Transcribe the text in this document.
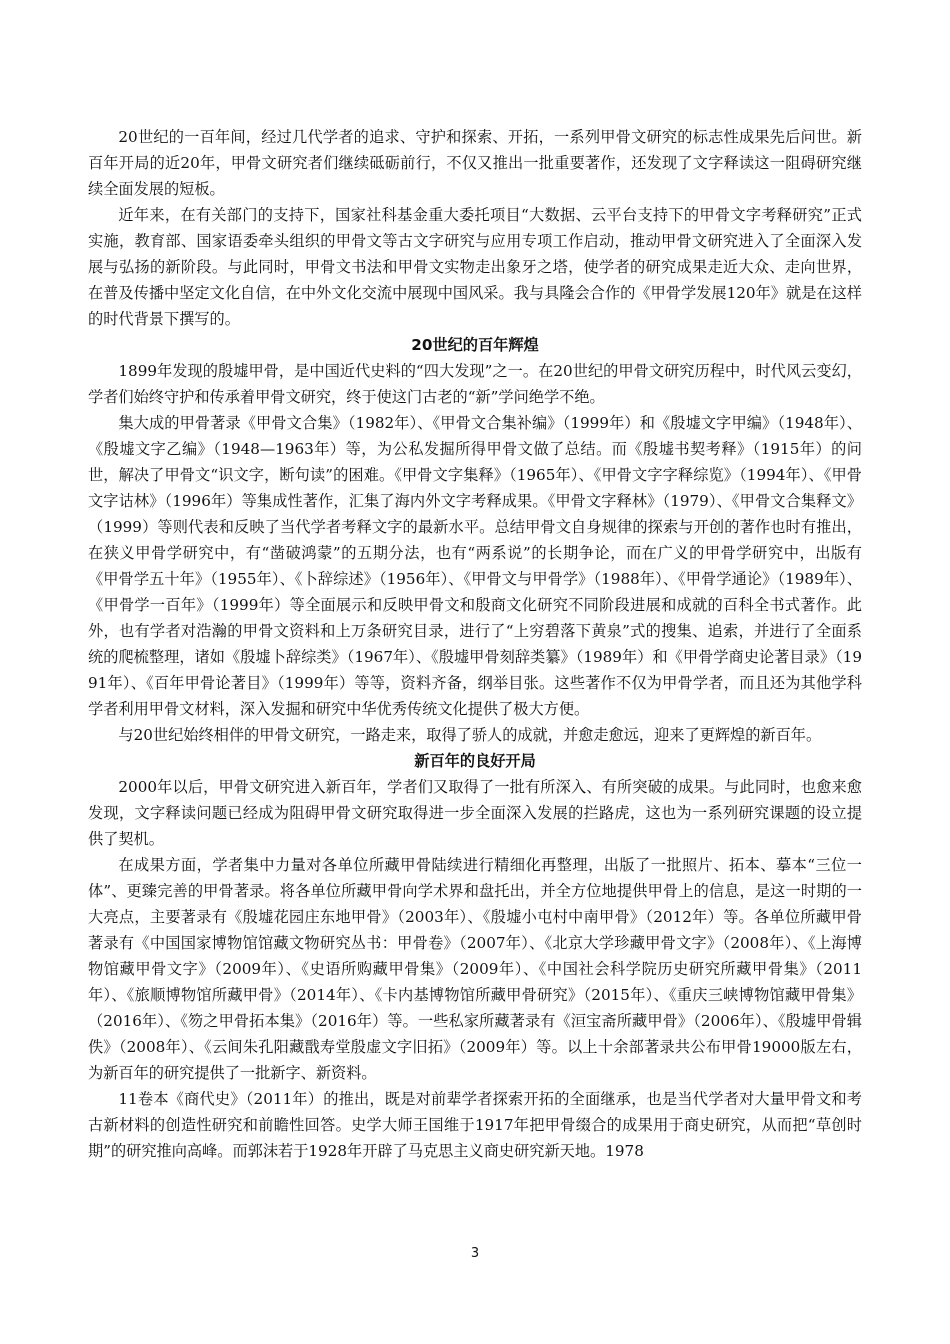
20世纪的一百年间，经过几代学者的追求、守护和探索、开拓，一系列甲骨文研究的标志性成果先后问世。新百年开局的近20年，甲骨文研究者们继续砥砺前行，不仅又推出一批重要著作，还发现了文字释读这一阻碍研究继续全面发展的短板。

近年来，在有关部门的支持下，国家社科基金重大委托项目“大数据、云平台支持下的甲骨文字考释研究”正式实施，教育部、国家语委牵头组织的甲骨文等古文字研究与应用专项工作启动，推动甲骨文研究进入了全面深入发展与弘扬的新阶段。与此同时，甲骨文书法和甲骨文实物走出象牙之塔，使学者的研究成果走近大众、走向世界，在普及传播中坚定文化自信，在中外文化交流中展现中国风采。我与具隆会合作的《甲骨学发展120年》就是在这样的时代背景下撰写的。

20世纪的百年辉煌

1899年发现的殷墟甲骨，是中国近代史料的“四大发现”之一。在20世纪的甲骨文研究历程中，时代风云变幻，学者们始终守护和传承着甲骨文研究，终于使这门古老的“新”学问绝学不绝。

集大成的甲骨著录《甲骨文合集》（1982年）、《甲骨文合集补编》（1999年）和《殷墟文字甲编》（1948年）、《殷墟文字乙编》（1948—1963年）等，为公私发掘所得甲骨文做了总结。而《殷墟书契考释》（1915年）的问世，解决了甲骨文“识文字，断句读”的困难。《甲骨文字集释》（1965年）、《甲骨文字字释综览》（1994年）、《甲骨文字诂林》（1996年）等集成性著作，汇集了海内外文字考释成果。《甲骨文字释林》（1979）、《甲骨文合集释文》（1999）等则代表和反映了当代学者考释文字的最新水平。总结甲骨文自身规律的探索与开创的著作也时有推出，在狭义甲骨学研究中，有“凿破鸿蒙”的五期分法，也有“两系说”的长期争论，而在广义的甲骨学研究中，出版有《甲骨学五十年》（1955年）、《卜辞综述》（1956年）、《甲骨文与甲骨学》（1988年）、《甲骨学通论》（1989年）、《甲骨学一百年》（1999年）等全面展示和反映甲骨文和殷商文化研究不同阶段进展和成就的百科全书式著作。此外，也有学者对浩瀚的甲骨文资料和上万条研究目录，进行了“上穷碧落下黄泉”式的搜集、追索，并进行了全面系统的爬梳整理，诸如《殷墟卜辞综类》（1967年）、《殷墟甲骨刻辞类纂》（1989年）和《甲骨学商史论著目录》（1991年）、《百年甲骨论著目》（1999年）等等，资料齐备，纲举目张。这些著作不仅为甲骨学者，而且还为其他学科学者利用甲骨文材料，深入发掘和研究中华优秀传统文化提供了极大方便。

与20世纪始终相伴的甲骨文研究，一路走来，取得了骄人的成就，并愈走愈远，迎来了更辉煌的新百年。

新百年的良好开局

2000年以后，甲骨文研究进入新百年，学者们又取得了一批有所深入、有所突破的成果。与此同时，也愈来愈发现，文字释读问题已经成为阻碍甲骨文研究取得进一步全面深入发展的拦路虎，这也为一系列研究课题的设立提供了契机。

在成果方面，学者集中力量对各单位所藏甲骨陆续进行精细化再整理，出版了一批照片、拓本、摹本“三位一体”、更臻完善的甲骨著录。将各单位所藏甲骨向学术界和盘托出，并全方位地提供甲骨上的信息，是这一时期的一大亮点，主要著录有《殷墟花园庄东地甲骨》（2003年）、《殷墟小屯村中南甲骨》（2012年）等。各单位所藏甲骨著录有《中国国家博物馆馆藏文物研究丛书：甲骨卷》（2007年）、《北京大学珍藏甲骨文字》（2008年）、《上海博物馆藏甲骨文字》（2009年）、《史语所购藏甲骨集》（2009年）、《中国社会科学院历史研究所藏甲骨集》（2011年）、《旅顺博物馆所藏甲骨》（2014年）、《卡内基博物馆所藏甲骨研究》（2015年）、《重庆三峡博物馆藏甲骨集》（2016年）、《笏之甲骨拓本集》（2016年）等。一些私家所藏著录有《洹宝斋所藏甲骨》（2006年）、《殷墟甲骨辑佚》（2008年）、《云间朱孔阳藏戬寿堂殷虚文字旧拓》（2009年）等。以上十余部著录共公布甲骨19000版左右，为新百年的研究提供了一批新字、新资料。

11卷本《商代史》（2011年）的推出，既是对前辈学者探索开拓的全面继承，也是当代学者对大量甲骨文和考古新材料的创造性研究和前瞻性回答。史学大师王国维于1917年把甲骨缀合的成果用于商史研究，从而把“草创时期”的研究推向高峰。而郭沫若于1928年开辟了马克思主义商史研究新天地。1978

3
